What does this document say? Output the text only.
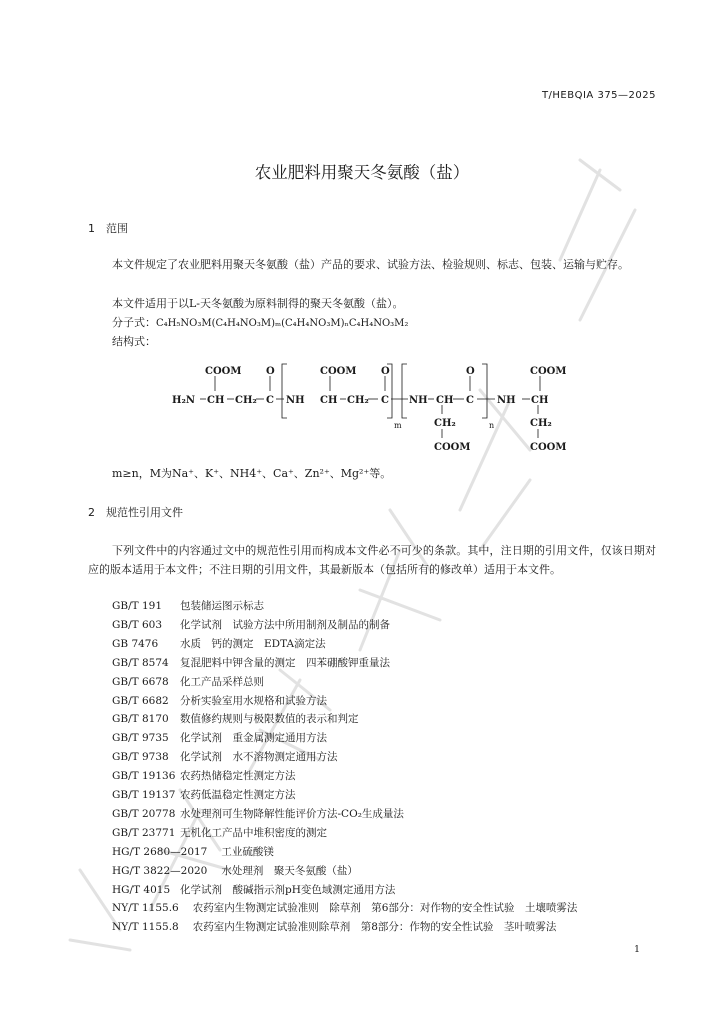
T/HEBQIA 375—2025
农业肥料用聚天冬氨酸（盐）
1 范围
本文件规定了农业肥料用聚天冬氨酸（盐）产品的要求、试验方法、检验规则、标志、包装、运输与贮存。
本文件适用于以L-天冬氨酸为原料制得的聚天冬氨酸（盐）。
分子式：C₄H₅NO₃M(C₄H₄NO₃M)ₘ(C₄H₄NO₃M)ₙC₄H₄NO₃M₂
结构式：
COOM O
H₂N CH CH₂ C NH
COOM O
CH CH₂ C
m
NH CH
O
C
CH₂
COOM
n
NH
COOM
CH
CH₂
COOM
m≥n，M为Na⁺、K⁺、NH4⁺、Ca⁺、Zn²⁺、Mg²⁺等。
2 规范性引用文件
下列文件中的内容通过文中的规范性引用而构成本文件必不可少的条款。其中，注日期的引用文件，仅该日期对应的版本适用于本文件；不注日期的引用文件，其最新版本（包括所有的修改单）适用于本文件。
GB/T 191 包装储运图示标志
GB/T 603 化学试剂　试验方法中所用制剂及制品的制备
GB 7476 水质　钙的测定　EDTA滴定法
GB/T 8574 复混肥料中钾含量的测定　四苯硼酸钾重量法
GB/T 6678 化工产品采样总则
GB/T 6682 分析实验室用水规格和试验方法
GB/T 8170 数值修约规则与极限数值的表示和判定
GB/T 9735 化学试剂　重金属测定通用方法
GB/T 9738 化学试剂　水不溶物测定通用方法
GB/T 19136 农药热储稳定性测定方法
GB/T 19137 农药低温稳定性测定方法
GB/T 20778 水处理剂可生物降解性能评价方法-CO₂生成量法
GB/T 23771 无机化工产品中堆积密度的测定
HG/T 2680—2017 工业硫酸镁
HG/T 3822—2020 水处理剂　聚天冬氨酸（盐）
HG/T 4015 化学试剂　酸碱指示剂pH变色域测定通用方法
NY/T 1155.6 农药室内生物测定试验准则　除草剂　第6部分：对作物的安全性试验　土壤喷雾法
NY/T 1155.8 农药室内生物测定试验准则除草剂　第8部分：作物的安全性试验　茎叶喷雾法
1
